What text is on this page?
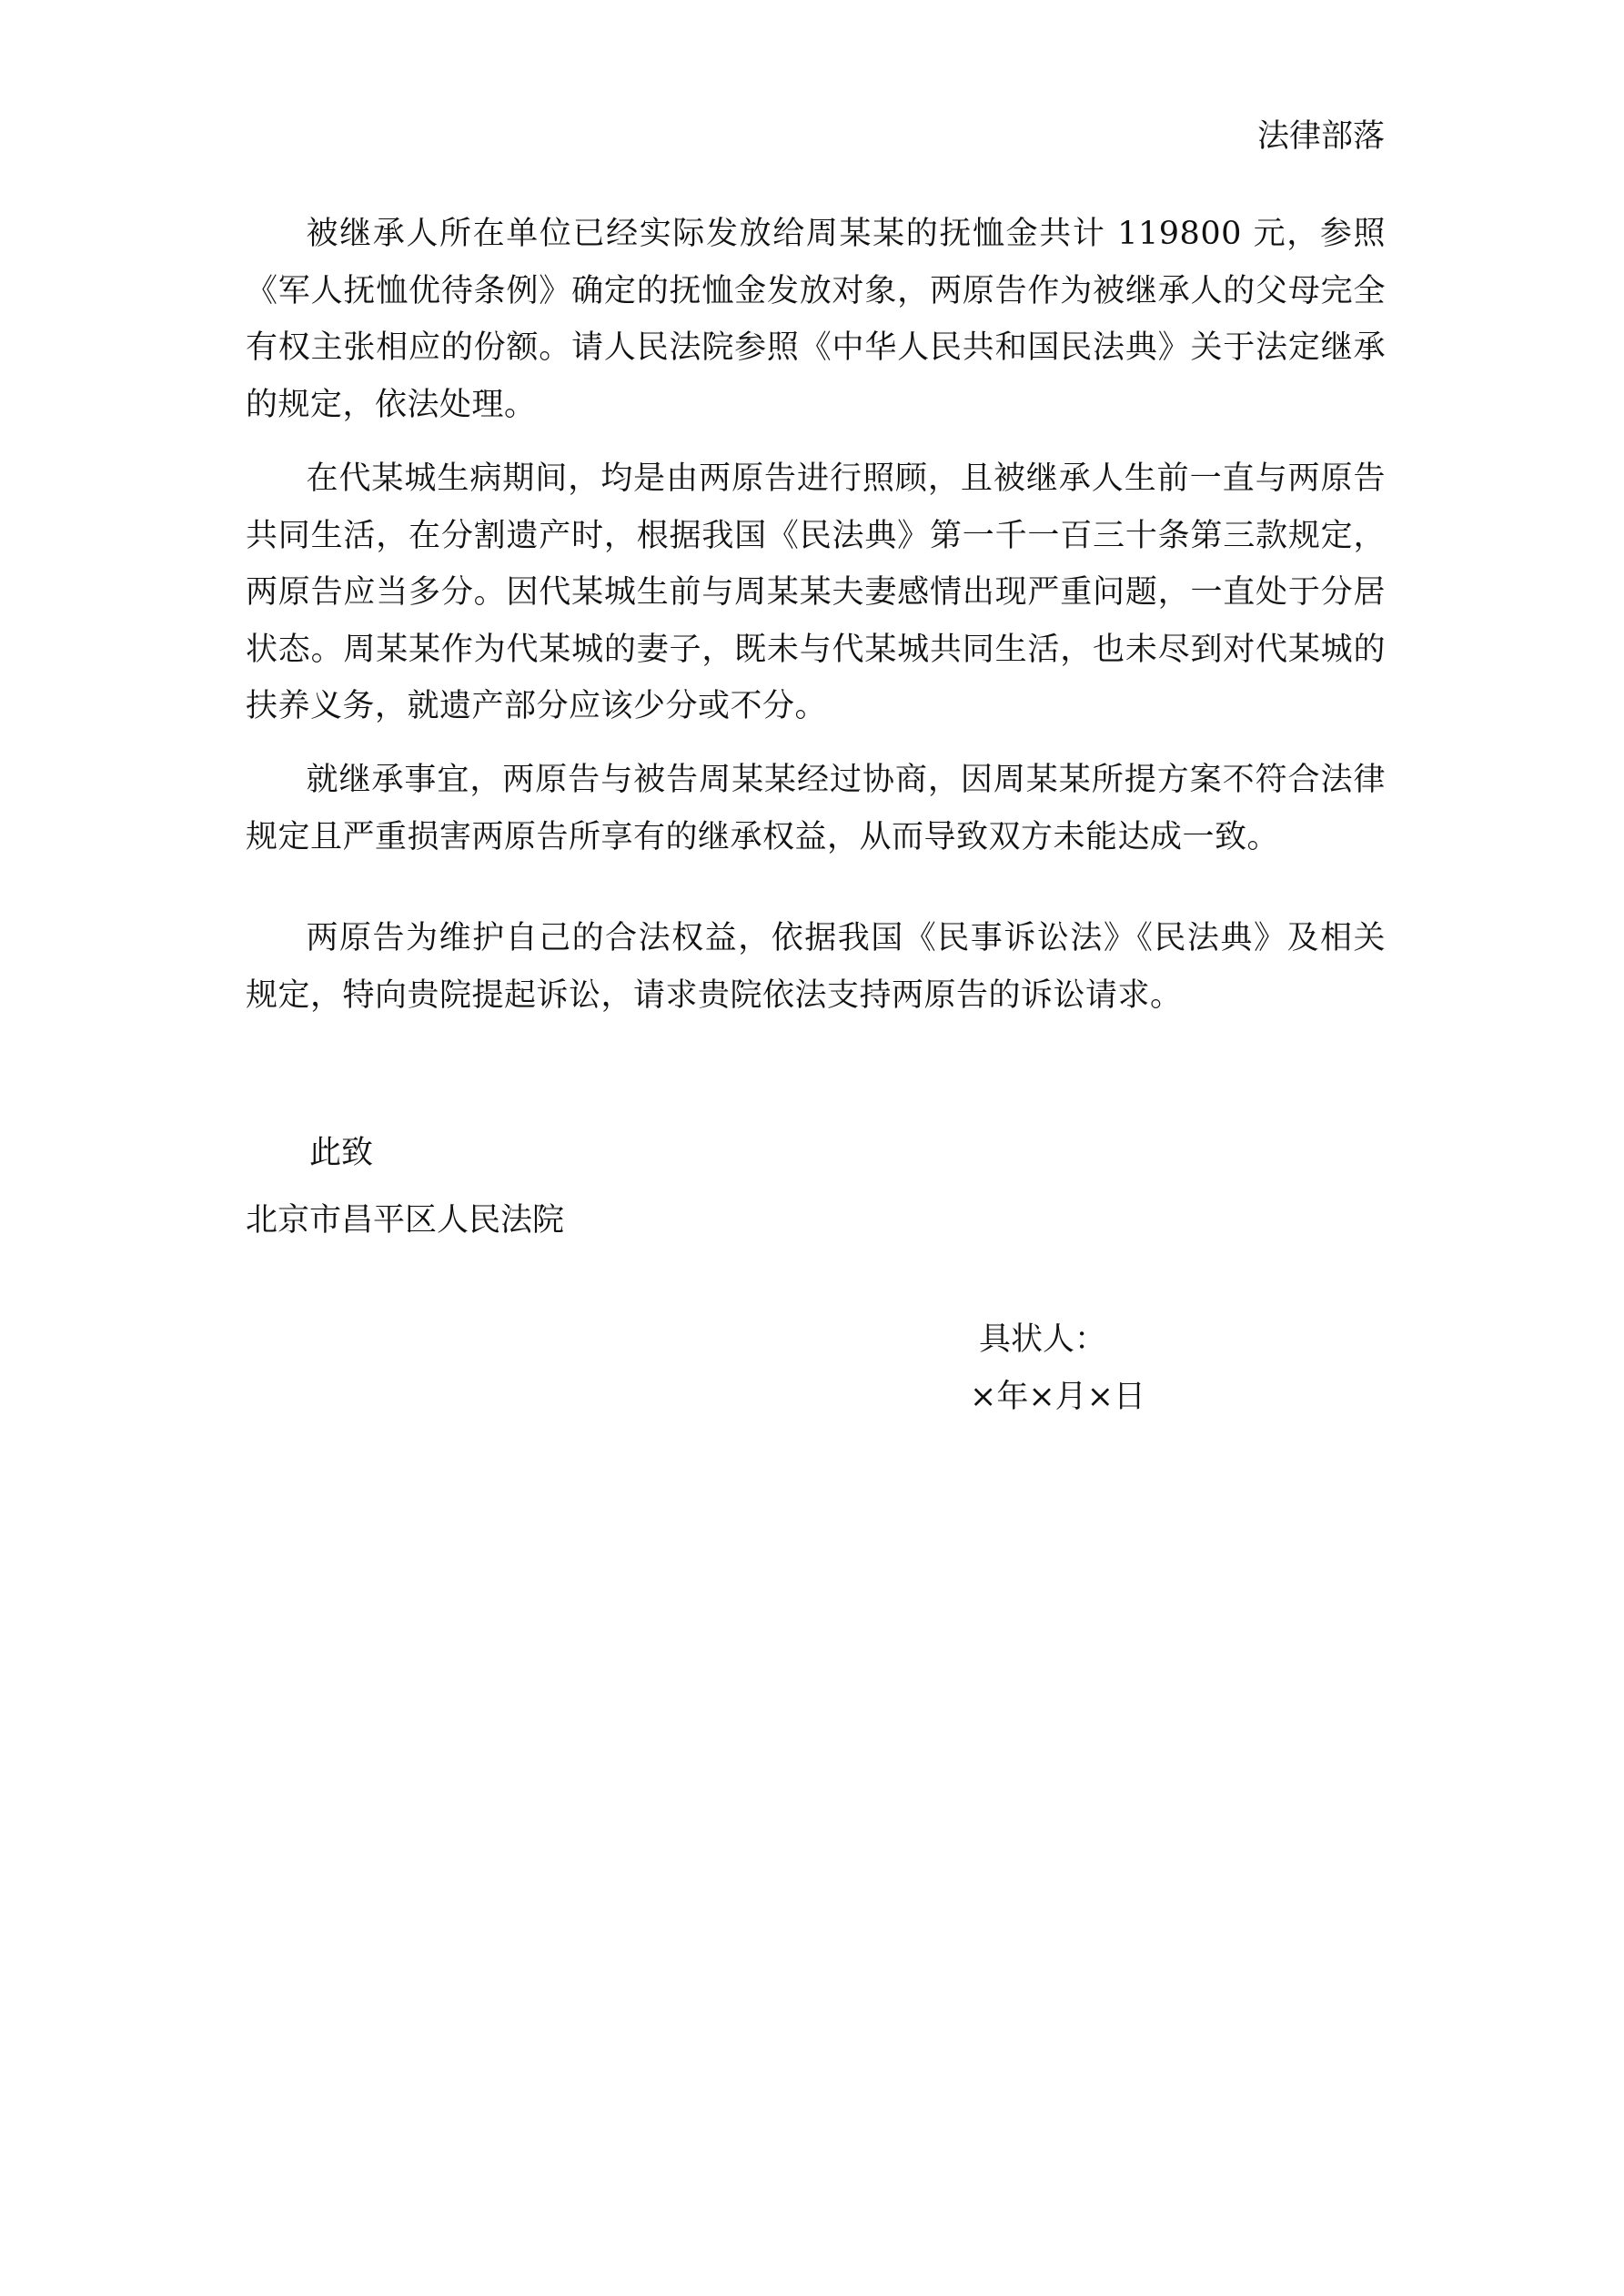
法律部落

被继承人所在单位已经实际发放给周某某的抚恤金共计 119800 元，参照《军人抚恤优待条例》确定的抚恤金发放对象，两原告作为被继承人的父母完全有权主张相应的份额。请人民法院参照《中华人民共和国民法典》关于法定继承的规定，依法处理。

在代某城生病期间，均是由两原告进行照顾，且被继承人生前一直与两原告共同生活，在分割遗产时，根据我国《民法典》第一千一百三十条第三款规定，两原告应当多分。因代某城生前与周某某夫妻感情出现严重问题，一直处于分居状态。周某某作为代某城的妻子，既未与代某城共同生活，也未尽到对代某城的扶养义务，就遗产部分应该少分或不分。

就继承事宜，两原告与被告周某某经过协商，因周某某所提方案不符合法律规定且严重损害两原告所享有的继承权益，从而导致双方未能达成一致。

两原告为维护自己的合法权益，依据我国《民事诉讼法》《民法典》及相关规定，特向贵院提起诉讼，请求贵院依法支持两原告的诉讼请求。

此致

北京市昌平区人民法院

具状人：

×年×月×日
